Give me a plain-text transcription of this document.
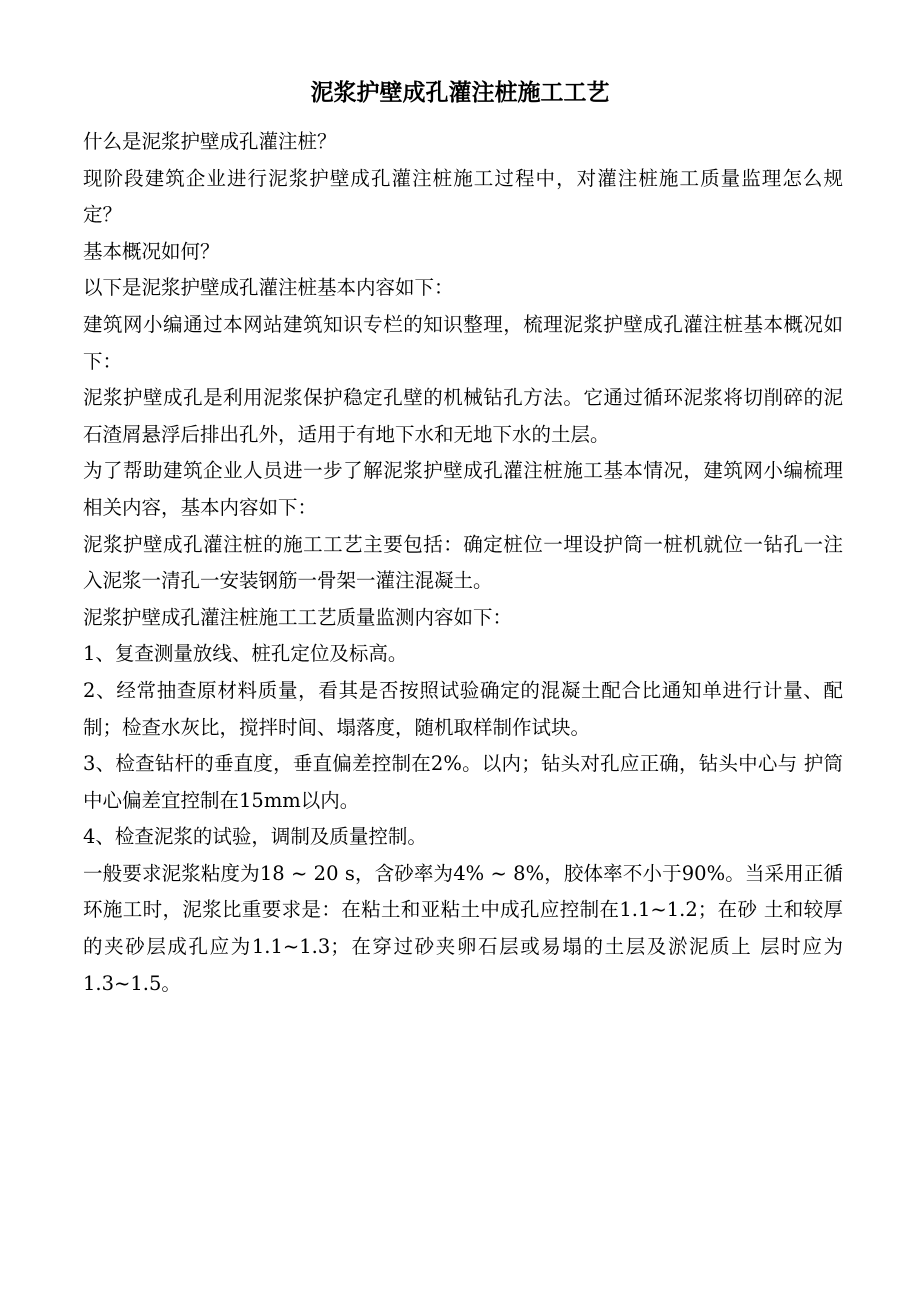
泥浆护壁成孔灌注桩施工工艺

什么是泥浆护壁成孔灌注桩？

现阶段建筑企业进行泥浆护壁成孔灌注桩施工过程中，对灌注桩施工质量监理怎么规定？

基本概况如何？

以下是泥浆护壁成孔灌注桩基本内容如下：

建筑网小编通过本网站建筑知识专栏的知识整理，梳理泥浆护壁成孔灌注桩基本概况如下：

泥浆护壁成孔是利用泥浆保护稳定孔壁的机械钻孔方法。它通过循环泥浆将切削碎的泥石渣屑悬浮后排出孔外，适用于有地下水和无地下水的土层。

为了帮助建筑企业人员进一步了解泥浆护壁成孔灌注桩施工基本情况，建筑网小编梳理相关内容，基本内容如下：

泥浆护壁成孔灌注桩的施工工艺主要包括：确定桩位一埋设护筒一桩机就位一钻孔一注入泥浆一清孔一安装钢筋一骨架一灌注混凝土。

泥浆护壁成孔灌注桩施工工艺质量监测内容如下：

1、复查测量放线、桩孔定位及标高。

2、经常抽查原材料质量，看其是否按照试验确定的混凝土配合比通知单进行计量、配制；检查水灰比，搅拌时间、塌落度，随机取样制作试块。

3、检查钻杆的垂直度，垂直偏差控制在2%。以内；钻头对孔应正确，钻头中心与 护筒中心偏差宜控制在15mm以内。

4、检查泥浆的试验，调制及质量控制。

一般要求泥浆粘度为18 ~ 20 s，含砂率为4% ~ 8%，胶体率不小于90%。当采用正循环施工时，泥浆比重要求是：在粘土和亚粘土中成孔应控制在1.1~1.2；在砂 土和较厚的夹砂层成孔应为1.1~1.3；在穿过砂夹卵石层或易塌的土层及淤泥质上 层时应为1.3~1.5。
